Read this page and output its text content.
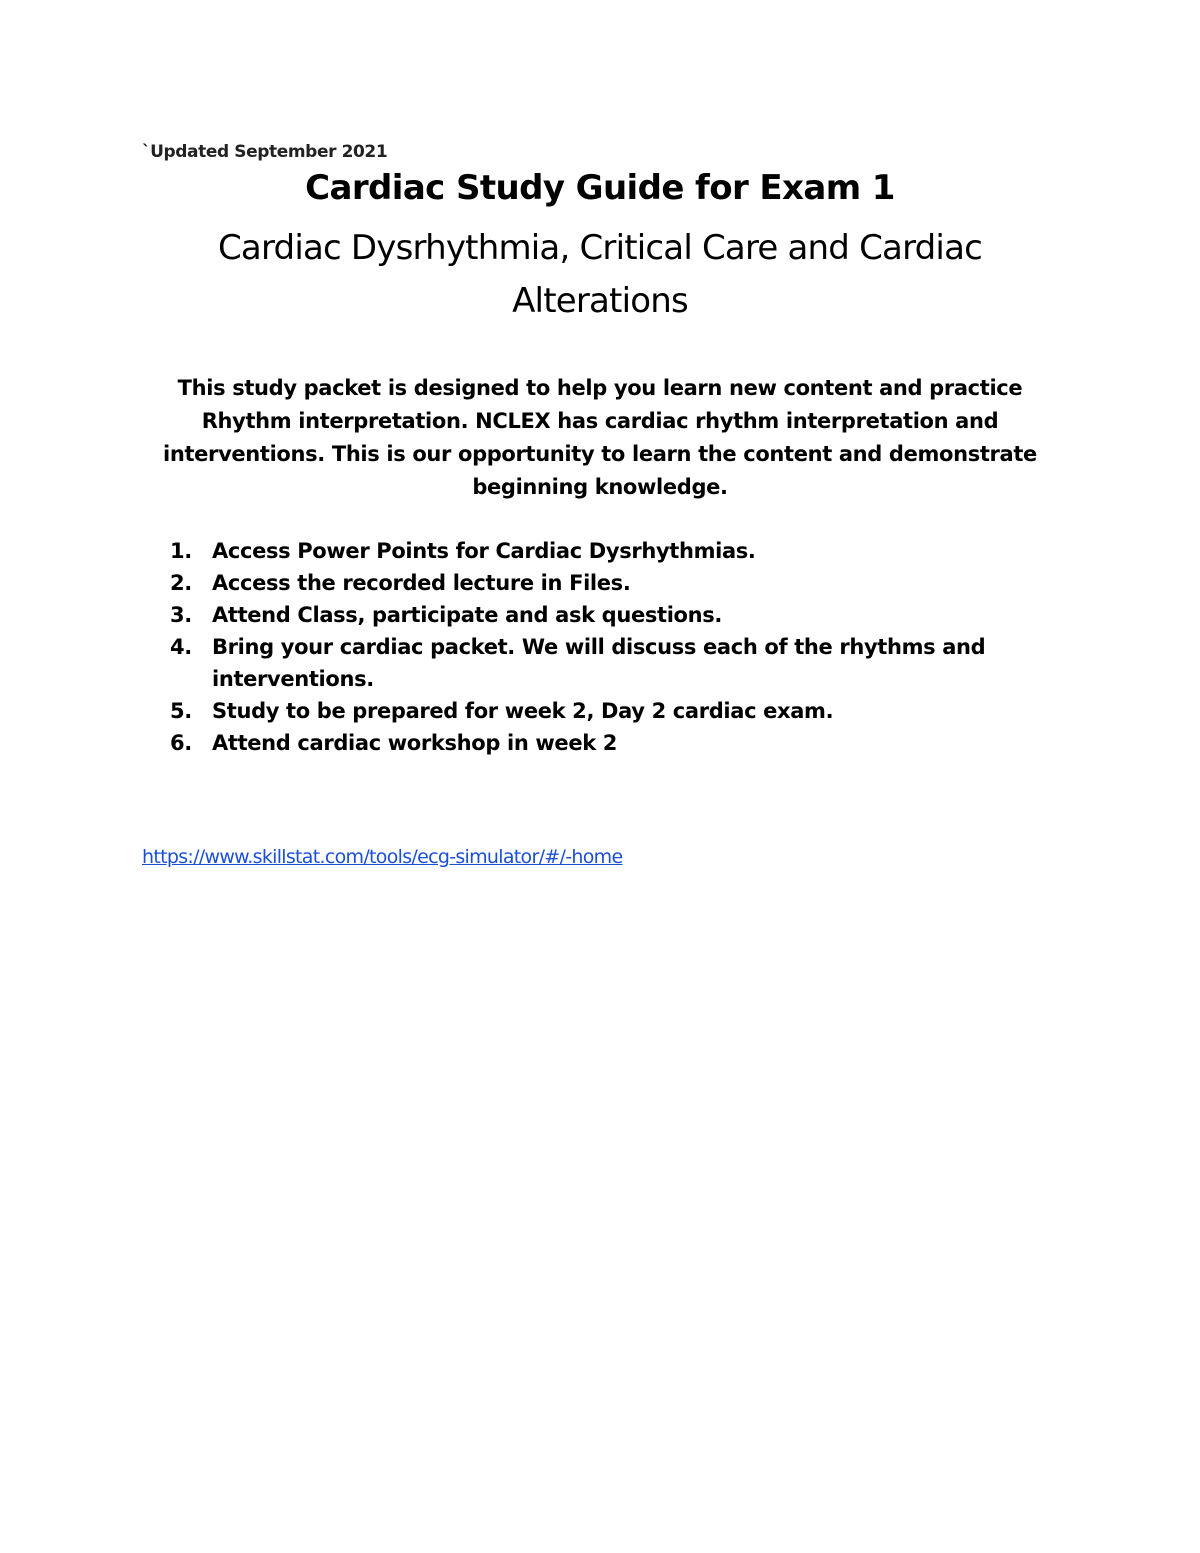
`Updated September 2021
Cardiac Study Guide for Exam 1
Cardiac Dysrhythmia, Critical Care and Cardiac Alterations

This study packet is designed to help you learn new content and practice
Rhythm interpretation. NCLEX has cardiac rhythm interpretation and
interventions. This is our opportunity to learn the content and demonstrate
beginning knowledge.

1. Access Power Points for Cardiac Dysrhythmias.
2. Access the recorded lecture in Files.
3. Attend Class, participate and ask questions.
4. Bring your cardiac packet. We will discuss each of the rhythms and interventions.
5. Study to be prepared for week 2, Day 2 cardiac exam.
6. Attend cardiac workshop in week 2
https://www.skillstat.com/tools/ecg-simulator/#/-home
